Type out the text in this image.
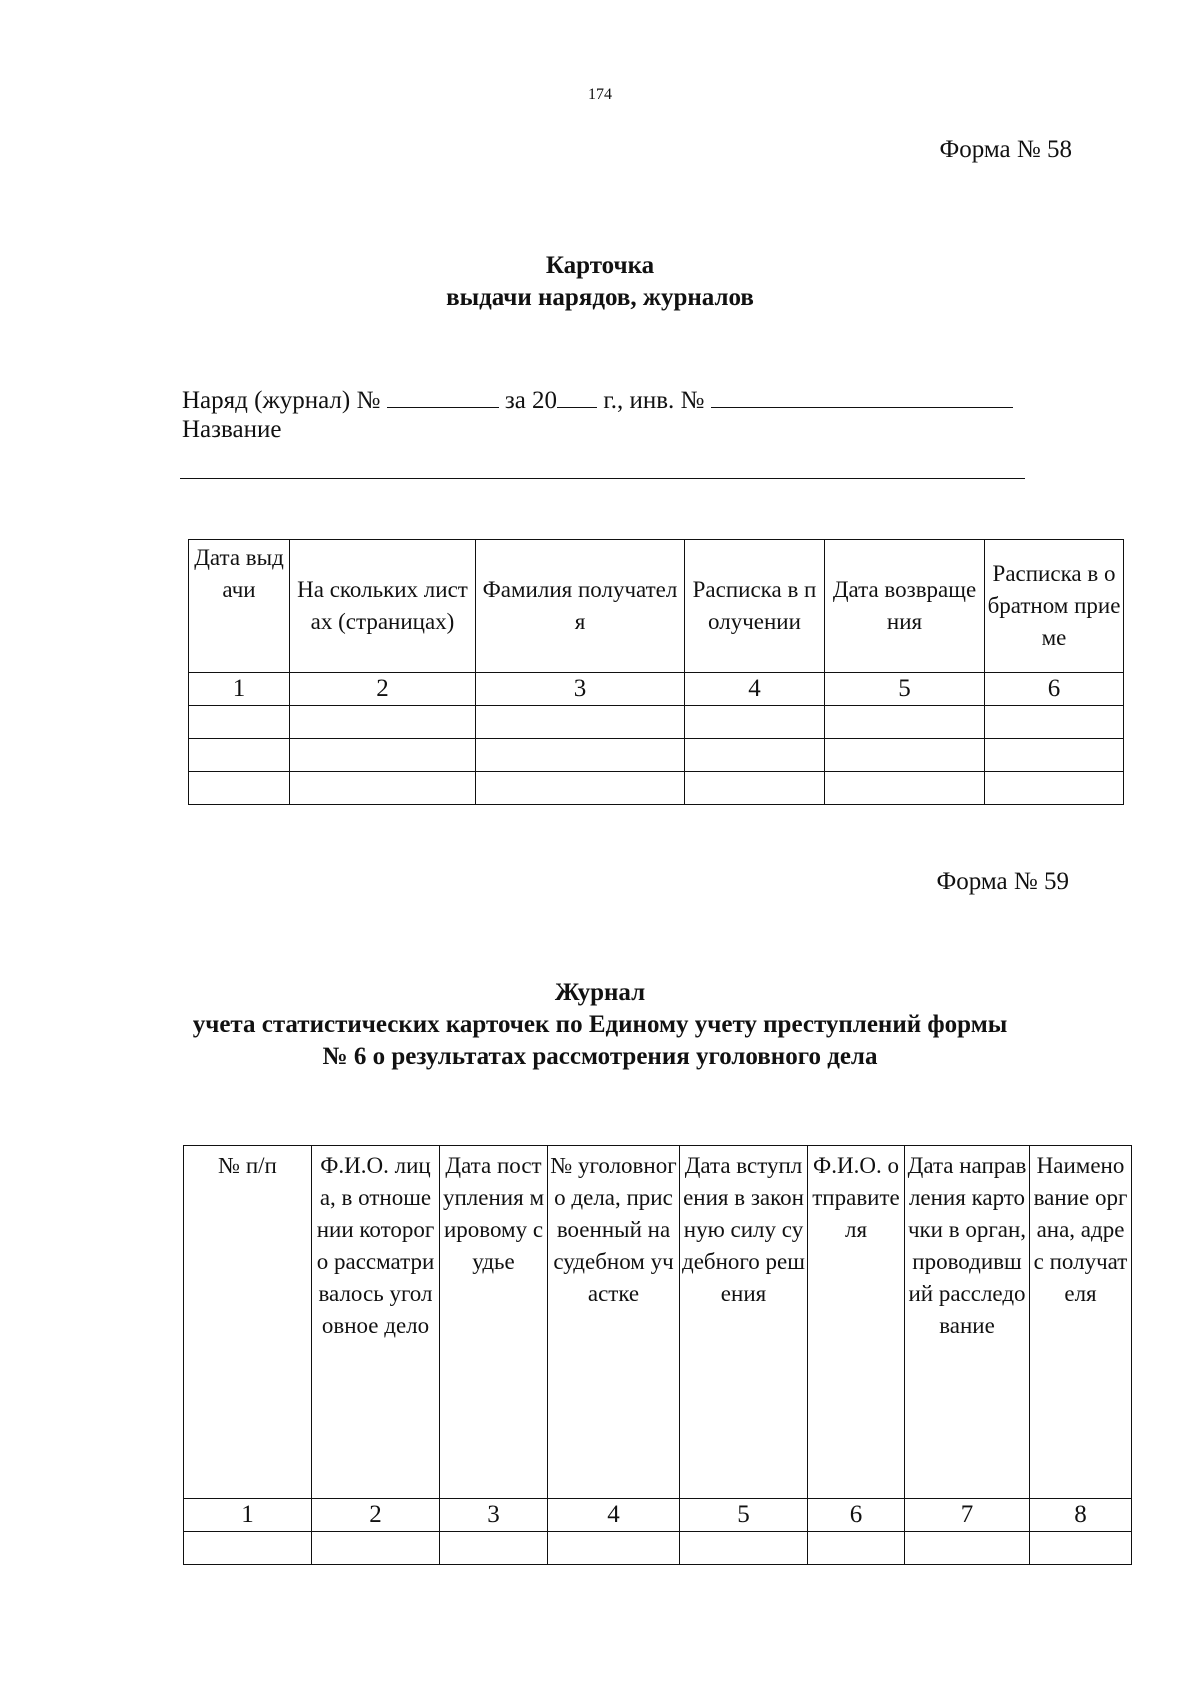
174
Форма № 58
Карточка
выдачи нарядов, журналов
Наряд (журнал) №	за 20 г., инв. №
Название
Дата выдачи	На скольких листах (страницах)	Фамилия получателя	Расписка в получении	Дата возвращения	Расписка в обратном приеме
1	2	3	4	5	6

Форма № 59
Журнал
учета статистических карточек по Единому учету преступлений формы
№ 6 о результатах рассмотрения уголовного дела
№ п/п	Ф.И.О. лица, в отношении которого рассматривалось уголовное дело	Дата поступления мировому судье	№ уголовного дела, присвоенный на судебном участке	Дата вступления в законную силу судебного решения	Ф.И.О. отправителя	Дата направления карточки в орган, проводивший расследование	Наименование органа, адрес получателя
1	2	3	4	5	6	7	8
